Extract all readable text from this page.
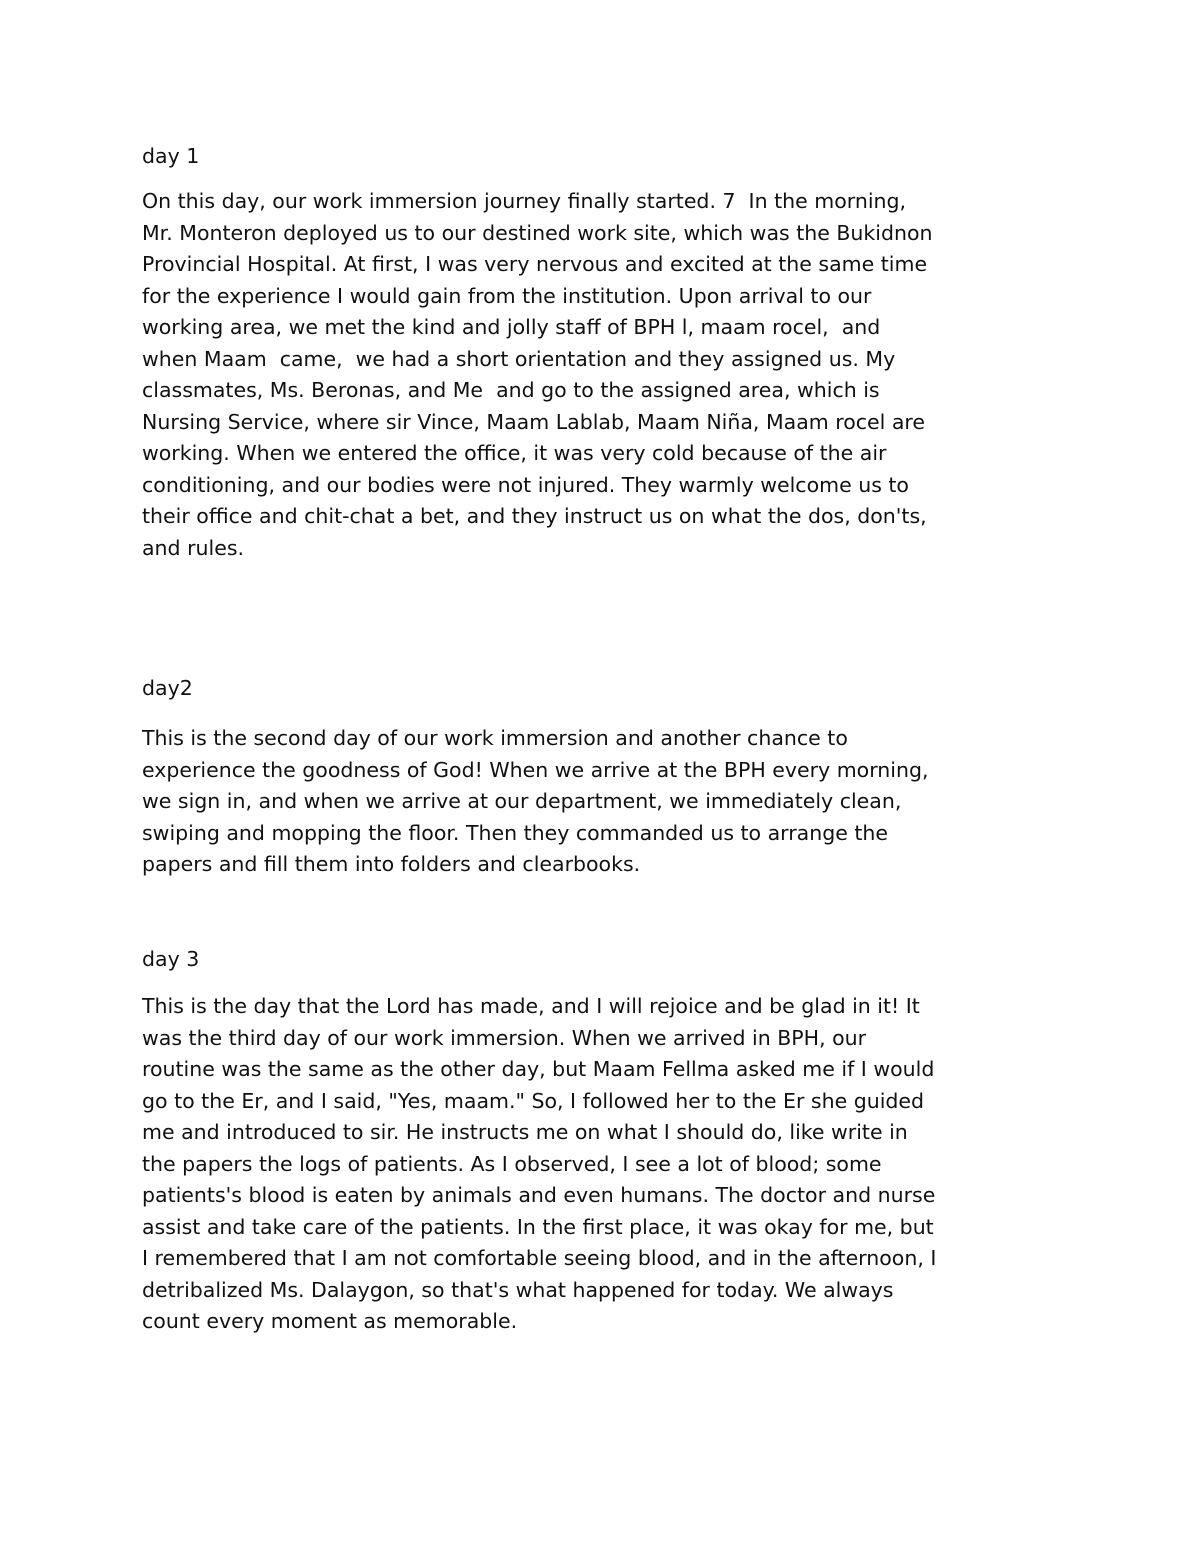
day 1
On this day, our work immersion journey finally started. 7  In the morning,
Mr. Monteron deployed us to our destined work site, which was the Bukidnon
Provincial Hospital. At first, I was very nervous and excited at the same time
for the experience I would gain from the institution. Upon arrival to our
working area, we met the kind and jolly staff of BPH l, maam rocel,  and
when Maam  came,  we had a short orientation and they assigned us. My
classmates, Ms. Beronas, and Me  and go to the assigned area, which is
Nursing Service, where sir Vince, Maam Lablab, Maam Niña, Maam rocel are
working. When we entered the office, it was very cold because of the air
conditioning, and our bodies were not injured. They warmly welcome us to
their office and chit-chat a bet, and they instruct us on what the dos, don'ts,
and rules.
day2
This is the second day of our work immersion and another chance to
experience the goodness of God! When we arrive at the BPH every morning,
we sign in, and when we arrive at our department, we immediately clean,
swiping and mopping the floor. Then they commanded us to arrange the
papers and fill them into folders and clearbooks.
day 3
This is the day that the Lord has made, and I will rejoice and be glad in it! It
was the third day of our work immersion. When we arrived in BPH, our
routine was the same as the other day, but Maam Fellma asked me if I would
go to the Er, and I said, "Yes, maam." So, I followed her to the Er she guided
me and introduced to sir. He instructs me on what I should do, like write in
the papers the logs of patients. As I observed, I see a lot of blood; some
patients's blood is eaten by animals and even humans. The doctor and nurse
assist and take care of the patients. In the first place, it was okay for me, but
I remembered that I am not comfortable seeing blood, and in the afternoon, I
detribalized Ms. Dalaygon, so that's what happened for today. We always
count every moment as memorable.
